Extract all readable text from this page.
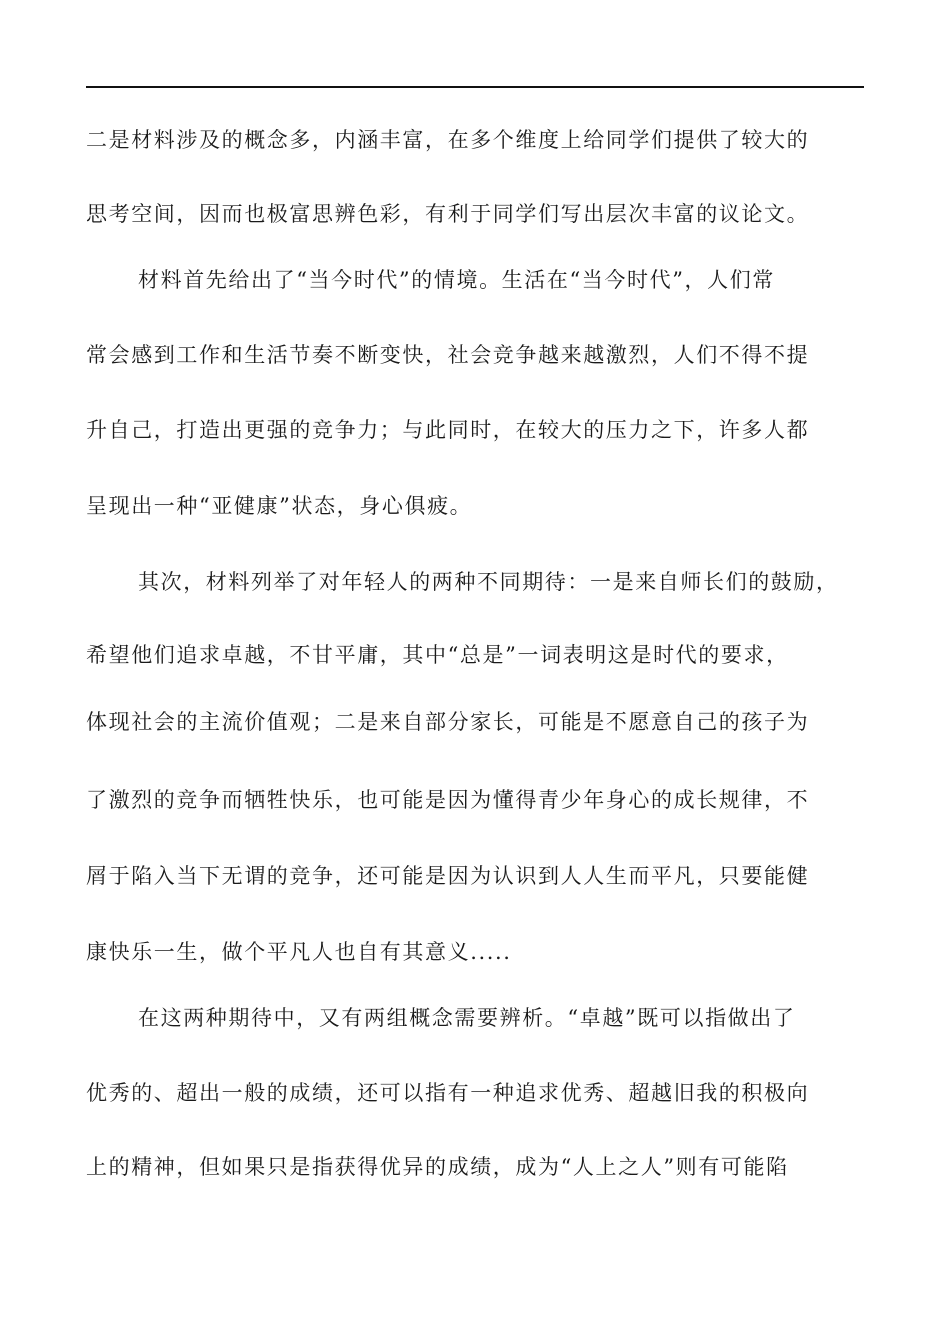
二是材料涉及的概念多，内涵丰富，在多个维度上给同学们提供了较大的
思考空间，因而也极富思辨色彩，有利于同学们写出层次丰富的议论文。
材料首先给出了“当今时代”的情境。生活在“当今时代”，人们常
常会感到工作和生活节奏不断变快，社会竞争越来越激烈，人们不得不提
升自己，打造出更强的竞争力；与此同时，在较大的压力之下，许多人都
呈现出一种“亚健康”状态，身心俱疲。
其次，材料列举了对年轻人的两种不同期待：一是来自师长们的鼓励，
希望他们追求卓越，不甘平庸，其中“总是”一词表明这是时代的要求，
体现社会的主流价值观；二是来自部分家长，可能是不愿意自己的孩子为
了激烈的竞争而牺牲快乐，也可能是因为懂得青少年身心的成长规律，不
屑于陷入当下无谓的竞争，还可能是因为认识到人人生而平凡，只要能健
康快乐一生，做个平凡人也自有其意义.....
在这两种期待中，又有两组概念需要辨析。“卓越”既可以指做出了
优秀的、超出一般的成绩，还可以指有一种追求优秀、超越旧我的积极向
上的精神，但如果只是指获得优异的成绩，成为“人上之人”则有可能陷
